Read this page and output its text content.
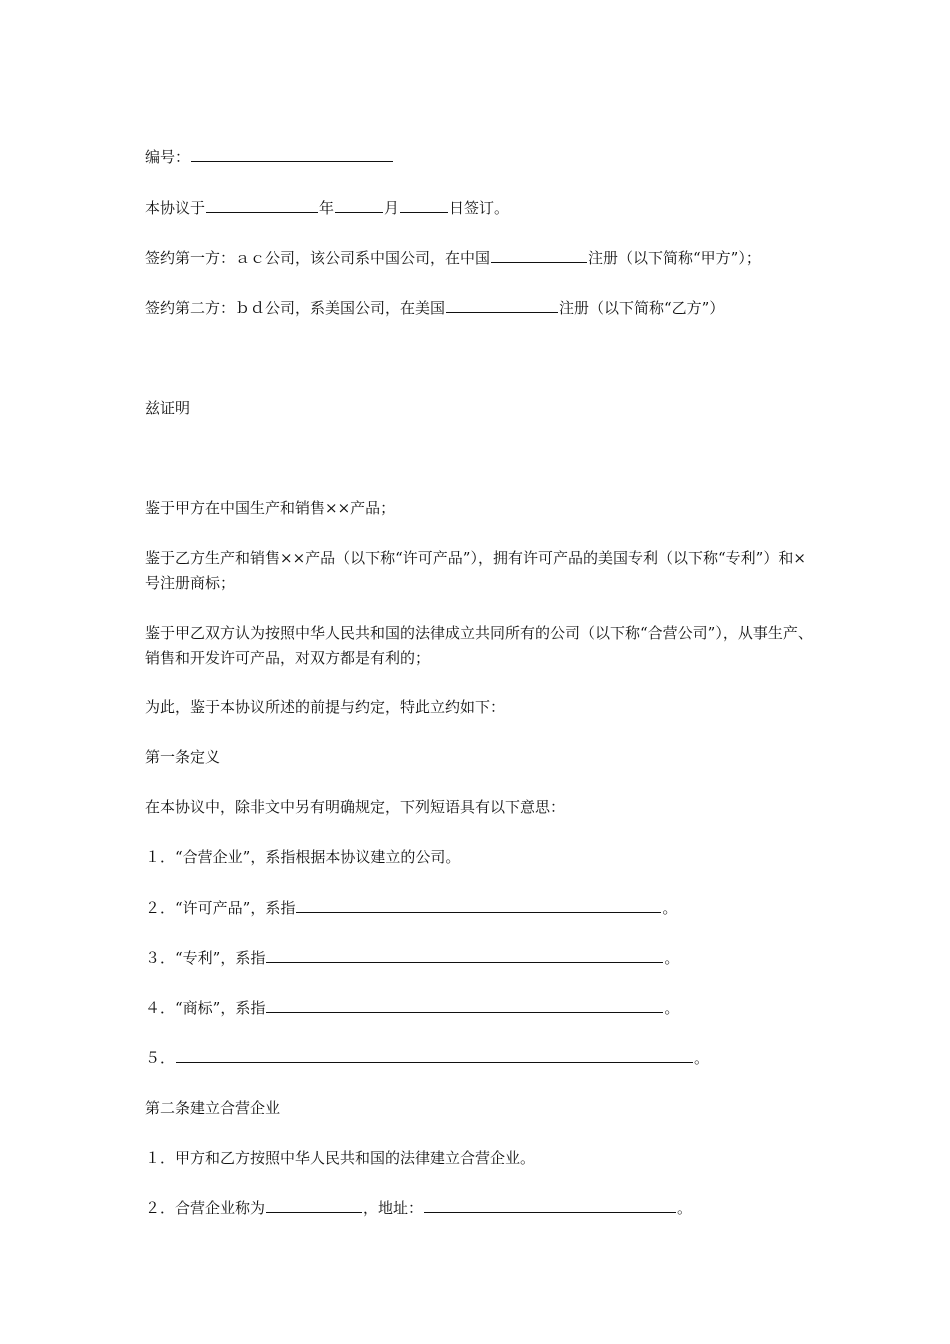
编号：
本协议于	年	月	日签订。
签约第一方：ａｃ公司，该公司系中国公司，在中国	注册（以下简称“甲方”）；
签约第二方：ｂｄ公司，系美国公司，在美国	注册（以下简称“乙方”）
兹证明
鉴于甲方在中国生产和销售××产品；
鉴于乙方生产和销售××产品（以下称“许可产品”），拥有许可产品的美国专利（以下称“专利”）和×号注册商标；
鉴于甲乙双方认为按照中华人民共和国的法律成立共同所有的公司（以下称“合营公司”），从事生产、销售和开发许可产品，对双方都是有利的；
为此，鉴于本协议所述的前提与约定，特此立约如下：
第一条定义
在本协议中，除非文中另有明确规定，下列短语具有以下意思：
１．“合营企业”，系指根据本协议建立的公司。
２．“许可产品”，系指	。
３．“专利”，系指	。
４．“商标”，系指	。
５．	。
第二条建立合营企业
１．甲方和乙方按照中华人民共和国的法律建立合营企业。
２．合营企业称为	，地址：	。
